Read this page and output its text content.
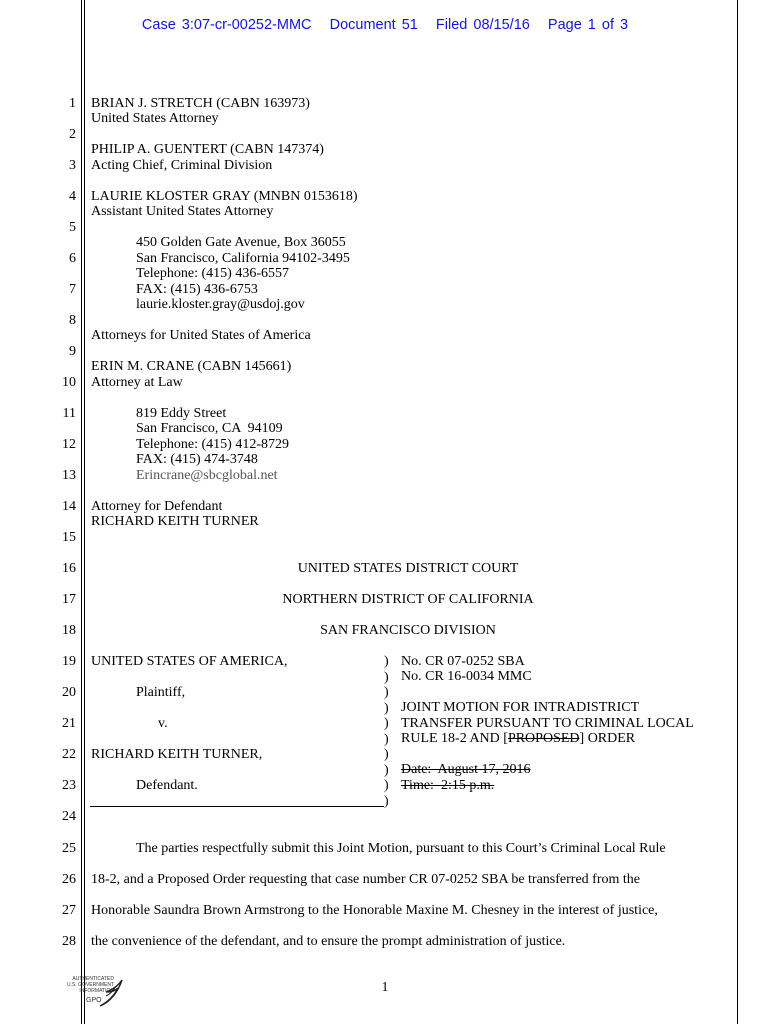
Case 3:07-cr-00252-MMC   Document 51   Filed 08/15/16   Page 1 of 3
1
2
3
4
5
6
7
8
9
10
11
12
13
14
15
16
17
18
19
20
21
22
23
24
25
26
27
28
BRIAN J. STRETCH (CABN 163973)
United States Attorney
PHILIP A. GUENTERT (CABN 147374)
Acting Chief, Criminal Division
LAURIE KLOSTER GRAY (MNBN 0153618)
Assistant United States Attorney
450 Golden Gate Avenue, Box 36055
San Francisco, California 94102-3495
Telephone: (415) 436-6557
FAX: (415) 436-6753
laurie.kloster.gray@usdoj.gov
Attorneys for United States of America
ERIN M. CRANE (CABN 145661)
Attorney at Law
819 Eddy Street
San Francisco, CA  94109
Telephone: (415) 412-8729
FAX: (415) 474-3748
Erincrane@sbcglobal.net
Attorney for Defendant
RICHARD KEITH TURNER
UNITED STATES DISTRICT COURT
NORTHERN DISTRICT OF CALIFORNIA
SAN FRANCISCO DIVISION
UNITED STATES OF AMERICA,
Plaintiff,
v.
RICHARD KEITH TURNER,
Defendant.
)
)
)
)
)
)
)
)
)
)
No. CR 07-0252 SBA
No. CR 16-0034 MMC
JOINT MOTION FOR INTRADISTRICT
TRANSFER PURSUANT TO CRIMINAL LOCAL
RULE 18-2 AND [PROPOSED] ORDER
Date:  August 17, 2016
Time:  2:15 p.m.
The parties respectfully submit this Joint Motion, pursuant to this Court’s Criminal Local Rule
18-2, and a Proposed Order requesting that case number CR 07-0252 SBA be transferred from the
Honorable Saundra Brown Armstrong to the Honorable Maxine M. Chesney in the interest of justice,
the convenience of the defendant, and to ensure the prompt administration of justice.
1
AUTHENTICATED
U.S. GOVERNMENT
INFORMATION
GPO
